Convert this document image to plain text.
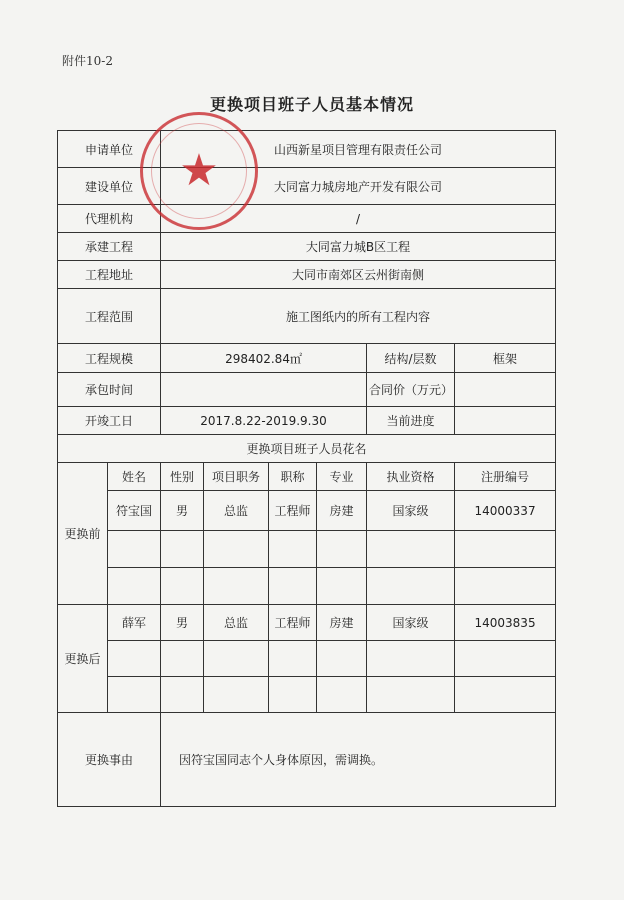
附件10-2
更换项目班子人员基本情况
申请单位		山西新星项目管理有限责任公司					
建设单位		大同富力城房地产开发有限公司					
代理机构		/					
承建工程		大同富力城B区工程					
工程地址		大同市南郊区云州街南侧					
工程范围		施工图纸内的所有工程内容					
工程规模		298402.84㎡				结构/层数	框架
承包时间						合同价（万元）	
开竣工日		2017.8.22-2019.9.30				当前进度	
更换项目班子人员花名							
更换前	姓名	性别	项目职务	职称	专业	执业资格	注册编号
	符宝国	男	总监	工程师	房建	国家级	14000337

更换后	薛军	男	总监	工程师	房建	国家级	14003835

更换事由		因符宝国同志个人身体原因，需调换。					
★
